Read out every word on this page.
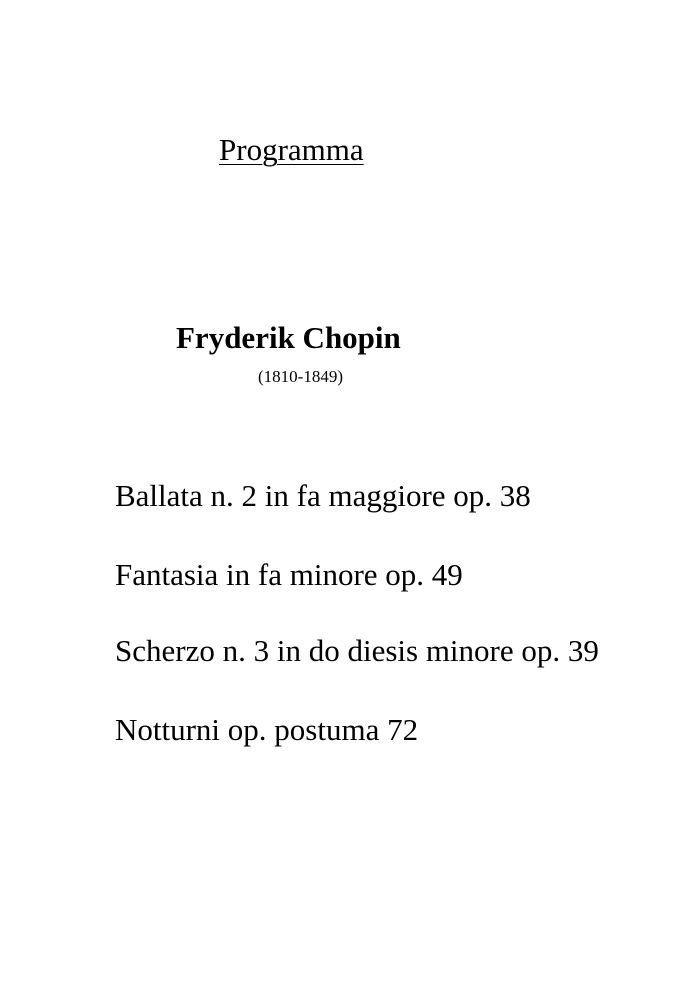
Programma
Fryderik Chopin
(1810-1849)
Ballata n. 2 in fa maggiore op. 38
Fantasia in fa minore op. 49
Scherzo n. 3 in do diesis minore op. 39
Notturni op. postuma 72
